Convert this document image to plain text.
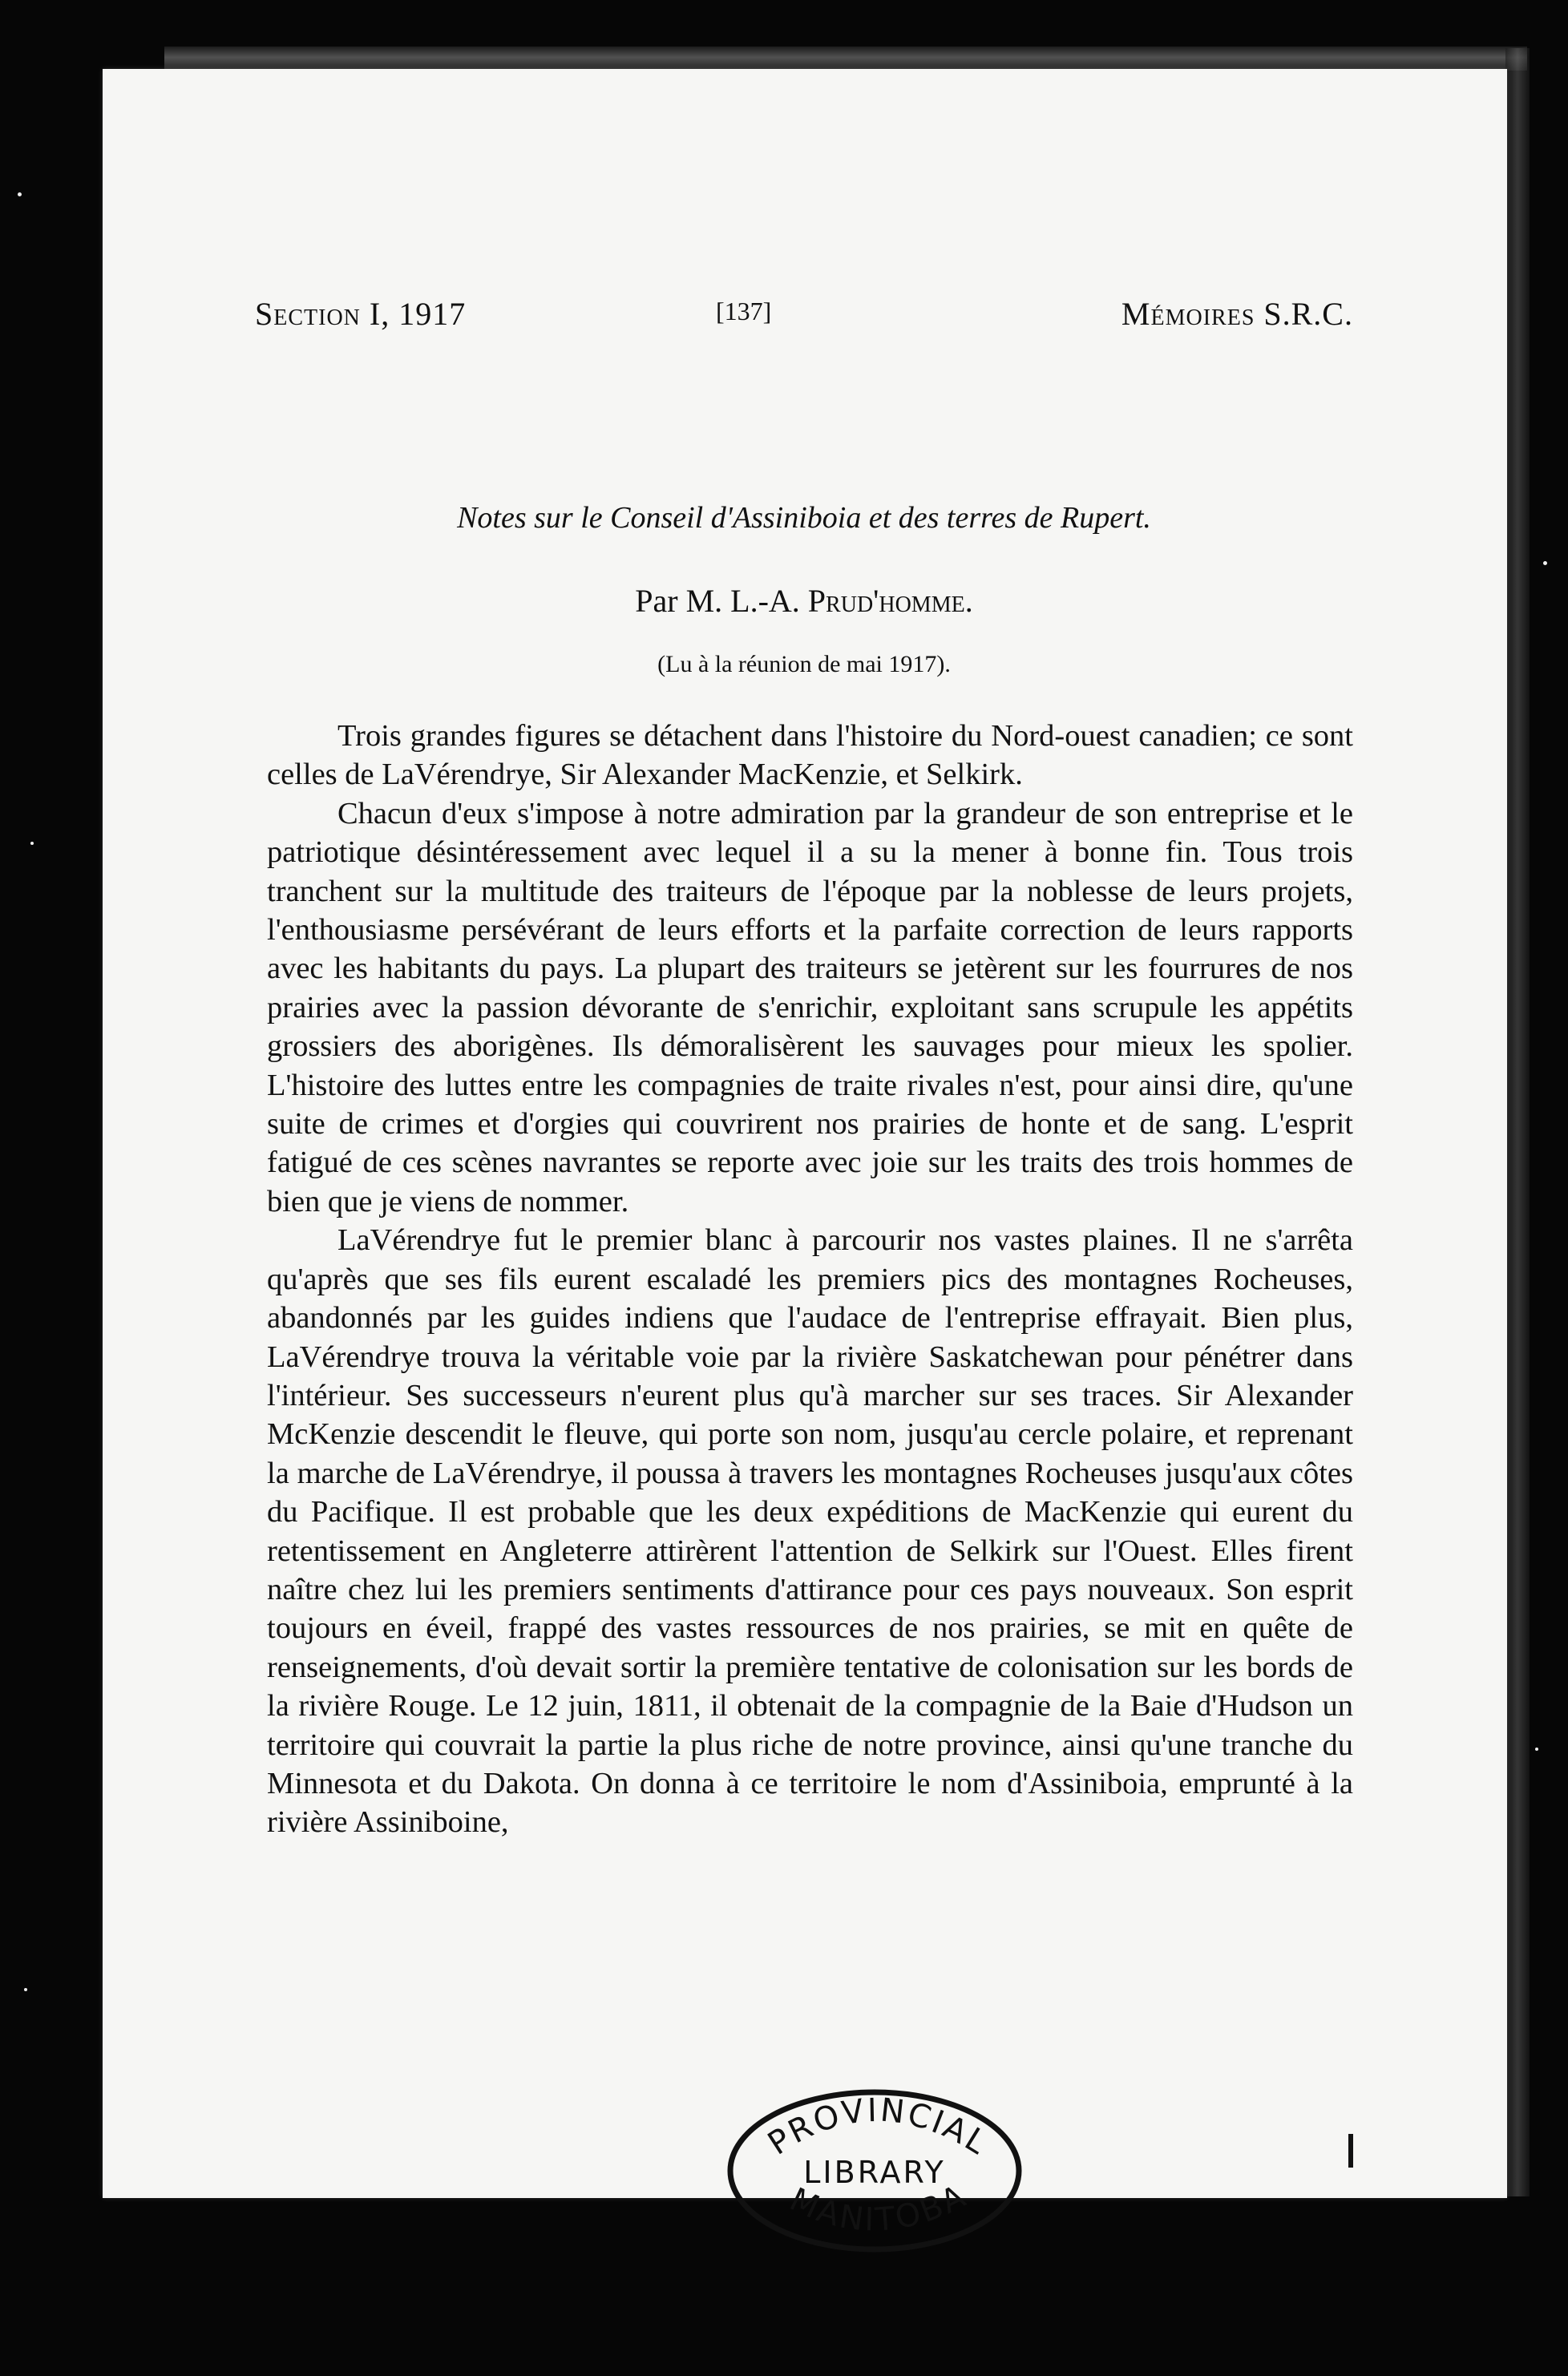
Section I, 1917	[137]	Mémoires S.R.C.
Notes sur le Conseil d'Assiniboia et des terres de Rupert.
Par M. L.-A. Prud'homme.
(Lu à la réunion de mai 1917).

Trois grandes figures se détachent dans l'histoire du Nord-ouest canadien; ce sont celles de LaVérendrye, Sir Alexander MacKenzie, et Selkirk.

Chacun d'eux s'impose à notre admiration par la grandeur de son entreprise et le patriotique désintéressement avec lequel il a su la mener à bonne fin. Tous trois tranchent sur la multitude des traiteurs de l'époque par la noblesse de leurs projets, l'enthousiasme persévérant de leurs efforts et la parfaite correction de leurs rapports avec les habitants du pays. La plupart des traiteurs se jetèrent sur les fourrures de nos prairies avec la passion dévorante de s'enrichir, exploitant sans scrupule les appétits grossiers des aborigènes. Ils démoralisèrent les sauvages pour mieux les spolier. L'histoire des luttes entre les compagnies de traite rivales n'est, pour ainsi dire, qu'une suite de crimes et d'orgies qui couvrirent nos prairies de honte et de sang. L'esprit fatigué de ces scènes navrantes se reporte avec joie sur les traits des trois hommes de bien que je viens de nommer.

LaVérendrye fut le premier blanc à parcourir nos vastes plaines. Il ne s'arrêta qu'après que ses fils eurent escaladé les premiers pics des montagnes Rocheuses, abandonnés par les guides indiens que l'audace de l'entreprise effrayait. Bien plus, LaVérendrye trouva la véritable voie par la rivière Saskatchewan pour pénétrer dans l'intérieur. Ses successeurs n'eurent plus qu'à marcher sur ses traces. Sir Alexander McKenzie descendit le fleuve, qui porte son nom, jusqu'au cercle polaire, et reprenant la marche de LaVérendrye, il poussa à travers les montagnes Rocheuses jusqu'aux côtes du Pacifique. Il est probable que les deux expéditions de MacKenzie qui eurent du retentissement en Angleterre attirèrent l'attention de Selkirk sur l'Ouest. Elles firent naître chez lui les premiers sentiments d'attirance pour ces pays nouveaux. Son esprit toujours en éveil, frappé des vastes ressources de nos prairies, se mit en quête de renseignements, d'où devait sortir la première tentative de colonisation sur les bords de la rivière Rouge. Le 12 juin, 1811, il obtenait de la compagnie de la Baie d'Hudson un territoire qui couvrait la partie la plus riche de notre province, ainsi qu'une tranche du Minnesota et du Dakota. On donna à ce territoire le nom d'Assiniboia, emprunté à la rivière Assiniboine,

PROVINCIAL
LIBRARY
MANITOBA
